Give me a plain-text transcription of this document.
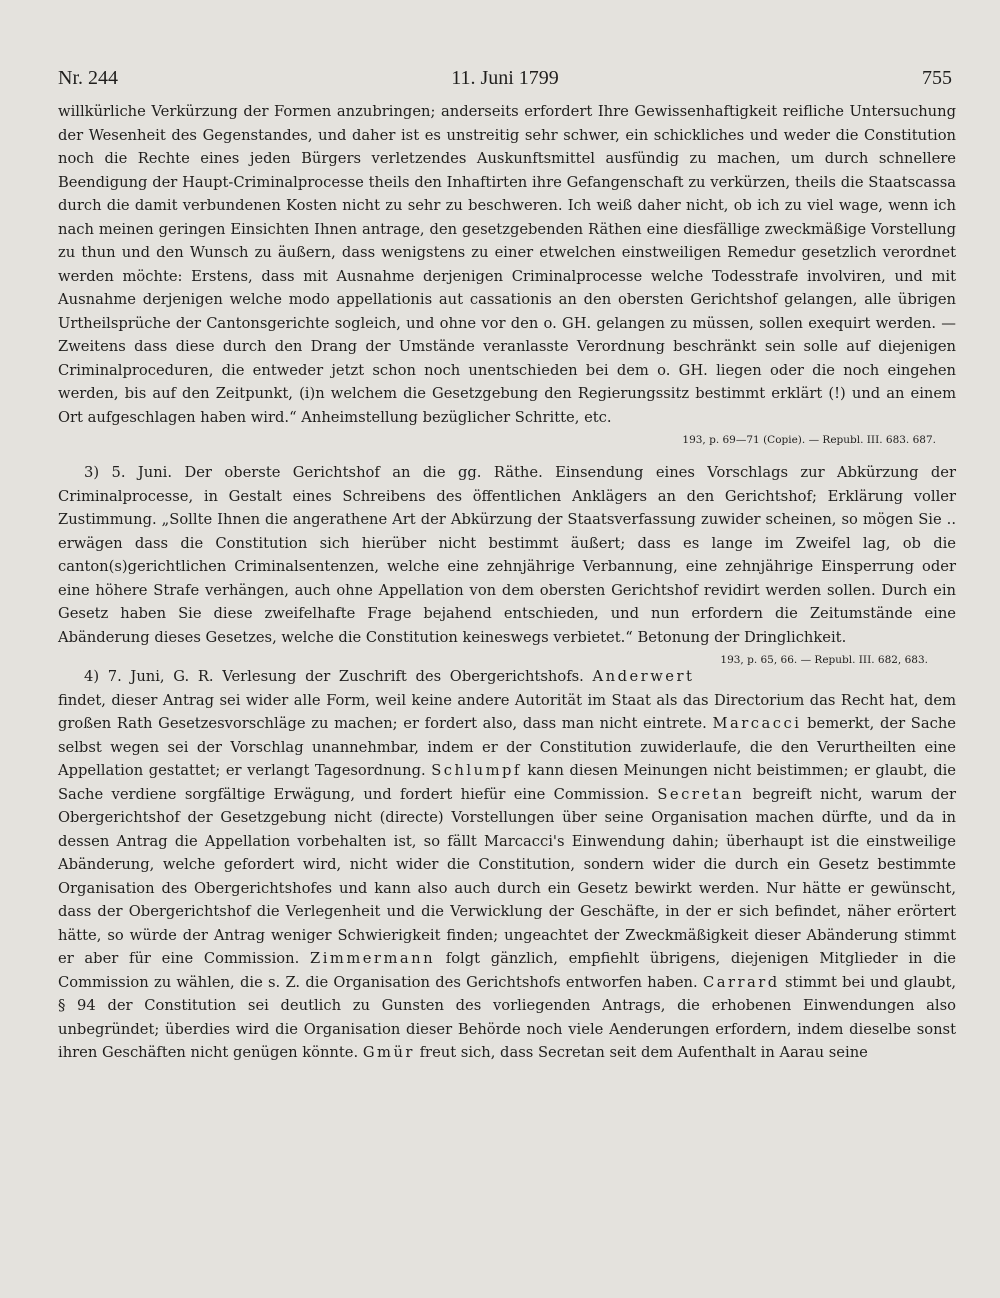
Nr. 244	11. Juni 1799	755
willkürliche Verkürzung der Formen anzubringen; anderseits erfordert Ihre Gewissenhaftigkeit reifliche Untersuchung der Wesenheit des Gegenstandes, und daher ist es unstreitig sehr schwer, ein schickliches und weder die Constitution noch die Rechte eines jeden Bürgers verletzendes Auskunftsmittel ausfündig zu machen, um durch schnellere Beendigung der Haupt-Criminalprocesse theils den Inhaftirten ihre Gefangenschaft zu verkürzen, theils die Staatscassa durch die damit verbundenen Kosten nicht zu sehr zu beschweren. Ich weiß daher nicht, ob ich zu viel wage, wenn ich nach meinen geringen Einsichten Ihnen antrage, den gesetzgebenden Räthen eine diesfällige zweckmäßige Vorstellung zu thun und den Wunsch zu äußern, dass wenigstens zu einer etwelchen einstweiligen Remedur gesetzlich verordnet werden möchte: Erstens, dass mit Ausnahme derjenigen Criminalprocesse welche Todesstrafe involviren, und mit Ausnahme derjenigen welche modo appellationis aut cassationis an den obersten Gerichtshof gelangen, alle übrigen Urtheilsprüche der Cantonsgerichte sogleich, und ohne vor den o. GH. gelangen zu müssen, sollen exequirt werden. — Zweitens dass diese durch den Drang der Umstände veranlasste Verordnung beschränkt sein solle auf diejenigen Criminalproceduren, die entweder jetzt schon noch unentschieden bei dem o. GH. liegen oder die noch eingehen werden, bis auf den Zeitpunkt, (i)n welchem die Gesetzgebung den Regierungssitz bestimmt erklärt (!) und an einem Ort aufgeschlagen haben wird.“ Anheimstellung bezüglicher Schritte, etc.
193, p. 69—71 (Copie). — Republ. III. 683. 687.
3) 5. Juni. Der oberste Gerichtshof an die gg. Räthe. Einsendung eines Vorschlags zur Abkürzung der Criminalprocesse, in Gestalt eines Schreibens des öffentlichen Anklägers an den Gerichtshof; Erklärung voller Zustimmung. „Sollte Ihnen die angerathene Art der Abkürzung der Staatsverfassung zuwider scheinen, so mögen Sie .. erwägen dass die Constitution sich hierüber nicht bestimmt äußert; dass es lange im Zweifel lag, ob die canton(s)gerichtlichen Criminalsentenzen, welche eine zehnjährige Verbannung, eine zehnjährige Einsperrung oder eine höhere Strafe verhängen, auch ohne Appellation von dem obersten Gerichtshof revidirt werden sollen. Durch ein Gesetz haben Sie diese zweifelhafte Frage bejahend entschieden, und nun erfordern die Zeitumstände eine Abänderung dieses Gesetzes, welche die Constitution keineswegs verbietet.“ Betonung der Dringlichkeit.
193, p. 65, 66. — Republ. III. 682, 683.
4) 7. Juni, G. R. Verlesung der Zuschrift des Obergerichtshofs. Anderwert findet, dieser Antrag sei wider alle Form, weil keine andere Autorität im Staat als das Directorium das Recht hat, dem großen Rath Gesetzesvorschläge zu machen; er fordert also, dass man nicht eintrete. Marcacci bemerkt, der Sache selbst wegen sei der Vorschlag unannehmbar, indem er der Constitution zuwiderlaufe, die den Verurtheilten eine Appellation gestattet; er verlangt Tagesordnung. Schlumpf kann diesen Meinungen nicht beistimmen; er glaubt, die Sache verdiene sorgfältige Erwägung, und fordert hiefür eine Commission. Secretan begreift nicht, warum der Obergerichtshof der Gesetzgebung nicht (directe) Vorstellungen über seine Organisation machen dürfte, und da in dessen Antrag die Appellation vorbehalten ist, so fällt Marcacci's Einwendung dahin; überhaupt ist die einstweilige Abänderung, welche gefordert wird, nicht wider die Constitution, sondern wider die durch ein Gesetz bestimmte Organisation des Obergerichtshofes und kann also auch durch ein Gesetz bewirkt werden. Nur hätte er gewünscht, dass der Obergerichtshof die Verlegenheit und die Verwicklung der Geschäfte, in der er sich befindet, näher erörtert hätte, so würde der Antrag weniger Schwierigkeit finden; ungeachtet der Zweckmäßigkeit dieser Abänderung stimmt er aber für eine Commission. Zimmermann folgt gänzlich, empfiehlt übrigens, diejenigen Mitglieder in die Commission zu wählen, die s. Z. die Organisation des Gerichtshofs entworfen haben. Carrard stimmt bei und glaubt, § 94 der Constitution sei deutlich zu Gunsten des vorliegenden Antrags, die erhobenen Einwendungen also unbegründet; überdies wird die Organisation dieser Behörde noch viele Aenderungen erfordern, indem dieselbe sonst ihren Geschäften nicht genügen könnte. Gmür freut sich, dass Secretan seit dem Aufenthalt in Aarau seine
